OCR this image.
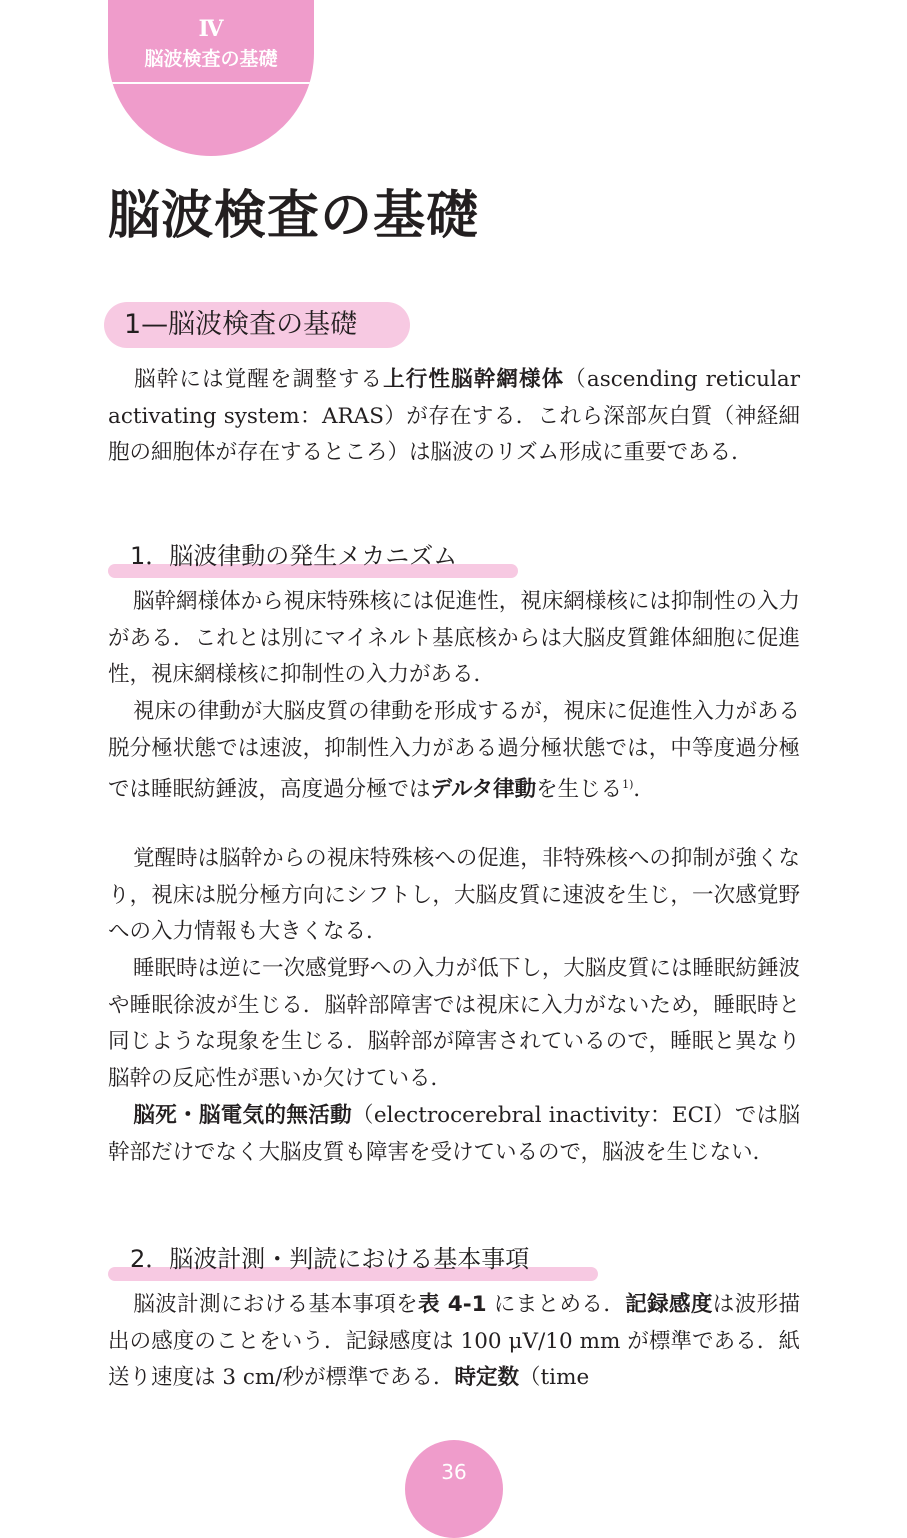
Ⅳ
脳波検査の基礎
脳波検査の基礎
1—脳波検査の基礎

脳幹には覚醒を調整する上行性脳幹網様体（ascending reticular activating system：ARAS）が存在する．これら深部灰白質（神経細胞の細胞体が存在するところ）は脳波のリズム形成に重要である．

1．脳波律動の発生メカニズム

脳幹網様体から視床特殊核には促進性，視床網様核には抑制性の入力がある．これとは別にマイネルト基底核からは大脳皮質錐体細胞に促進性，視床網様核に抑制性の入力がある．

視床の律動が大脳皮質の律動を形成するが，視床に促進性入力がある脱分極状態では速波，抑制性入力がある過分極状態では，中等度過分極では睡眠紡錘波，高度過分極ではデルタ律動を生じる$^{1)}$．

覚醒時は脳幹からの視床特殊核への促進，非特殊核への抑制が強くなり，視床は脱分極方向にシフトし，大脳皮質に速波を生じ，一次感覚野への入力情報も大きくなる．

睡眠時は逆に一次感覚野への入力が低下し，大脳皮質には睡眠紡錘波や睡眠徐波が生じる．脳幹部障害では視床に入力がないため，睡眠時と同じような現象を生じる．脳幹部が障害されているので，睡眠と異なり脳幹の反応性が悪いか欠けている．

脳死・脳電気的無活動（electrocerebral inactivity：ECI）では脳幹部だけでなく大脳皮質も障害を受けているので，脳波を生じない．

2．脳波計測・判読における基本事項

脳波計測における基本事項を表 4-1 にまとめる．記録感度は波形描出の感度のことをいう．記録感度は 100 μV/10 mm が標準である．紙送り速度は 3 cm/秒が標準である．時定数（time

36
